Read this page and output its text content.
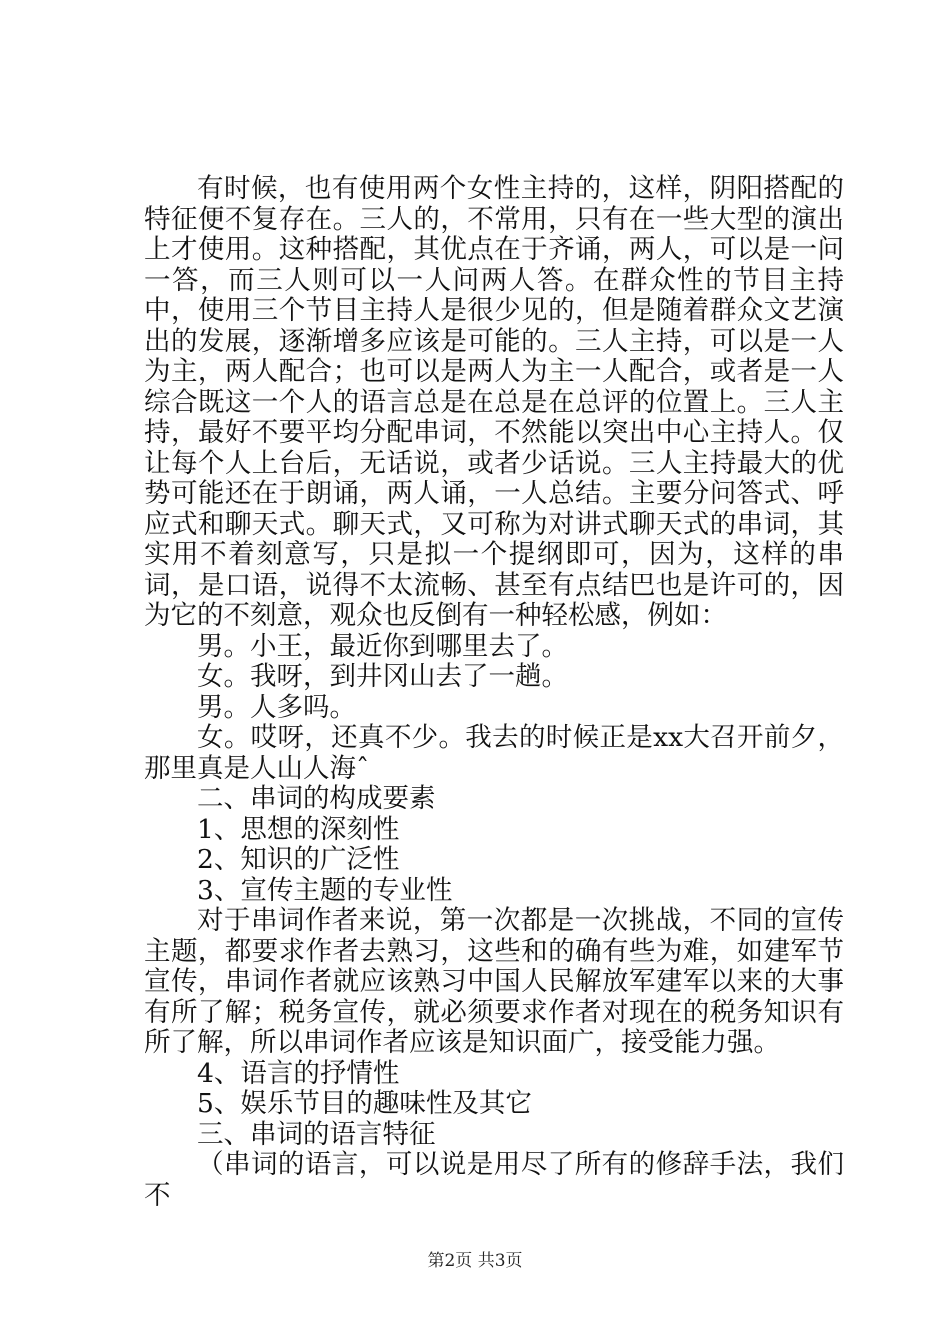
有时候，也有使用两个女性主持的，这样，阴阳搭配的特征便不复存在。三人的，不常用，只有在一些大型的演出上才使用。这种搭配，其优点在于齐诵，两人，可以是一问一答，而三人则可以一人问两人答。在群众性的节目主持中，使用三个节目主持人是很少见的，但是随着群众文艺演出的发展，逐渐增多应该是可能的。三人主持，可以是一人为主，两人配合；也可以是两人为主一人配合，或者是一人综合既这一个人的语言总是在总是在总评的位置上。三人主持，最好不要平均分配串词，不然能以突出中心主持人。仅让每个人上台后，无话说，或者少话说。三人主持最大的优势可能还在于朗诵，两人诵，一人总结。主要分问答式、呼应式和聊天式。聊天式，又可称为对讲式聊天式的串词，其实用不着刻意写，只是拟一个提纲即可，因为，这样的串词，是口语，说得不太流畅、甚至有点结巴也是许可的，因为它的不刻意，观众也反倒有一种轻松感，例如：

男。小王，最近你到哪里去了。

女。我呀，到井冈山去了一趟。

男。人多吗。

女。哎呀，还真不少。我去的时候正是xx大召开前夕，那里真是人山人海ˆ

二、串词的构成要素

1、思想的深刻性

2、知识的广泛性

3、宣传主题的专业性

对于串词作者来说，第一次都是一次挑战，不同的宣传主题，都要求作者去熟习，这些和的确有些为难，如建军节宣传，串词作者就应该熟习中国人民解放军建军以来的大事有所了解；税务宣传，就必须要求作者对现在的税务知识有所了解，所以串词作者应该是知识面广，接受能力强。

4、语言的抒情性

5、娱乐节目的趣味性及其它

三、串词的语言特征

（串词的语言，可以说是用尽了所有的修辞手法，我们不

第2页 共3页
